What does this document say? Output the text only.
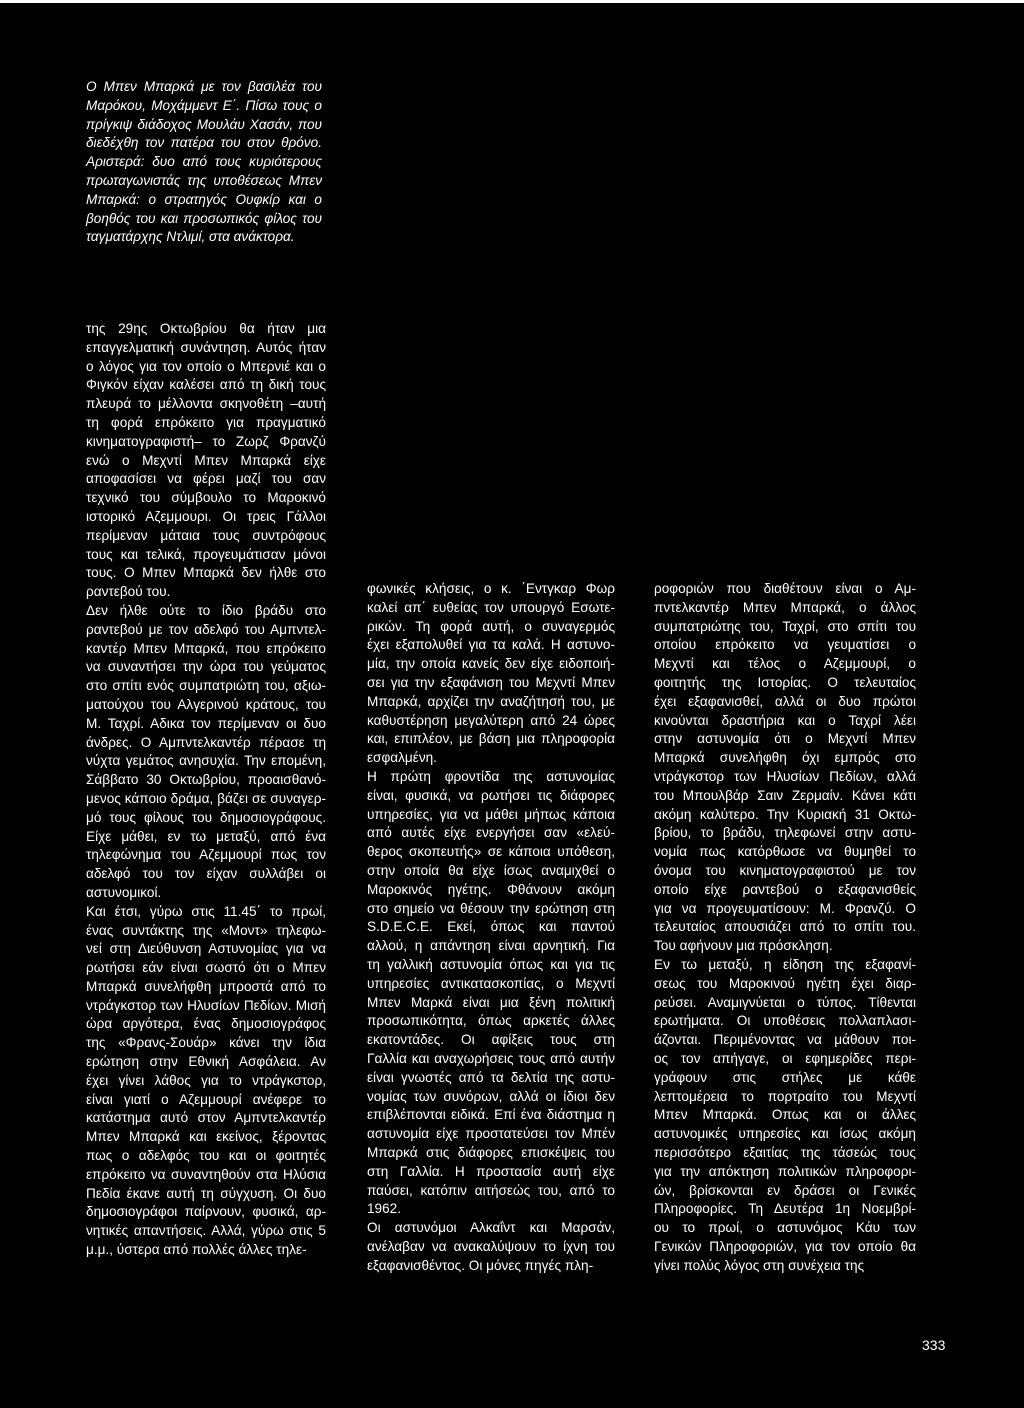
Ο Μπεν Μπαρκά με τον βασιλέα του
Μαρόκου, Μοχάμμεντ Ε΄. Πίσω τους ο
πρίγκιψ διάδοχος Μουλάυ Χασάν, που
διεδέχθη τον πατέρα του στον θρόνο.
Αριστερά: δυο από τους κυριότερους
πρωταγωνιστάς της υποθέσεως Μπεν
Μπαρκά: ο στρατηγός Ουφκίρ και ο
βοηθός του και προσωπικός φίλος του
ταγματάρχης Ντλιμί, στα ανάκτορα.
της 29ης Οκτωβρίου θα ήταν μια
επαγγελματική συνάντηση. Αυτός ήταν
ο λόγος για τον οποίο ο Μπερνιέ και ο
Φιγκόν είχαν καλέσει από τη δική τους
πλευρά το μέλλοντα σκηνοθέτη –αυτή
τη φορά επρόκειτο για πραγματικό
κινηματογραφιστή– το Ζωρζ Φρανζύ
ενώ ο Μεχντί Μπεν Μπαρκά είχε
αποφασίσει να φέρει μαζί του σαν
τεχνικό του σύμβουλο το Μαροκινό
ιστορικό Αζεμμουρι. Οι τρεις Γάλλοι
περίμεναν μάταια τους συντρόφους
τους και τελικά, προγευμάτισαν μόνοι
τους. Ο Μπεν Μπαρκά δεν ήλθε στο
ραντεβού του.
Δεν ήλθε ούτε το ίδιο βράδυ στο
ραντεβού με τον αδελφό του Αμπντελ-
καντέρ Μπεν Μπαρκά, που επρόκειτο
να συναντήσει την ώρα του γεύματος
στο σπίτι ενός συμπατριώτη του, αξιω-
ματούχου του Αλγερινού κράτους, του
Μ. Ταχρί. Αδικα τον περίμεναν οι δυο
άνδρες. Ο Αμπντελκαντέρ πέρασε τη
νύχτα γεμάτος ανησυχία. Την επομένη,
Σάββατο 30 Οκτωβρίου, προαισθανό-
μενος κάποιο δράμα, βάζει σε συναγερ-
μό τους φίλους του δημοσιογράφους.
Είχε μάθει, εν τω μεταξύ, από ένα
τηλεφώνημα του Αζεμμουρί πως τον
αδελφό του τον είχαν συλλάβει οι
αστυνομικοί.
Και έτσι, γύρω στις 11.45΄ το πρωί,
ένας συντάκτης της «Μοντ» τηλεφω-
νεί στη Διεύθυνση Αστυνομίας για να
ρωτήσει εάν είναι σωστό ότι ο Μπεν
Μπαρκά συνελήφθη μπροστά από το
ντράγκστορ των Ηλυσίων Πεδίων. Μισή
ώρα αργότερα, ένας δημοσιογράφος
της «Φρανς-Σουάρ» κάνει την ίδια
ερώτηση στην Εθνική Ασφάλεια. Αν
έχει γίνει λάθος για το ντράγκστορ,
είναι γιατί ο Αζεμμουρί ανέφερε το
κατάστημα αυτό στον Αμπντελκαντέρ
Μπεν Μπαρκά και εκείνος, ξέροντας
πως ο αδελφός του και οι φοιτητές
επρόκειτο να συναντηθούν στα Ηλύσια
Πεδία έκανε αυτή τη σύγχυση. Οι δυο
δημοσιογράφοι παίρνουν, φυσικά, αρ-
νητικές απαντήσεις. Αλλά, γύρω στις 5
μ.μ., ύστερα από πολλές άλλες τηλε-
φωνικές κλήσεις, ο κ. ΄Εντγκαρ Φωρ
καλεί απ΄ ευθείας τον υπουργό Εσωτε-
ρικών. Τη φορά αυτή, ο συναγερμός
έχει εξαπολυθεί για τα καλά. Η αστυνο-
μία, την οποία κανείς δεν είχε ειδοποιή-
σει για την εξαφάνιση του Μεχντί Μπεν
Μπαρκά, αρχίζει την αναζήτησή του, με
καθυστέρηση μεγαλύτερη από 24 ώρες
και, επιπλέον, με βάση μια πληροφορία
εσφαλμένη.
Η πρώτη φροντίδα της αστυνομίας
είναι, φυσικά, να ρωτήσει τις διάφορες
υπηρεσίες, για να μάθει μήπως κάποια
από αυτές είχε ενεργήσει σαν «ελεύ-
θερος σκοπευτής» σε κάποια υπόθεση,
στην οποία θα είχε ίσως αναμιχθεί ο
Μαροκινός ηγέτης. Φθάνουν ακόμη
στο σημείο να θέσουν την ερώτηση στη
S.D.E.C.E. Εκεί, όπως και παντού
αλλού, η απάντηση είναι αρνητική. Για
τη γαλλική αστυνομία όπως και για τις
υπηρεσίες αντικατασκοπίας, ο Μεχντί
Μπεν Μαρκά είναι μια ξένη πολιτική
προσωπικότητα, όπως αρκετές άλλες
εκατοντάδες. Οι αφίξεις τους στη
Γαλλία και αναχωρήσεις τους από αυτήν
είναι γνωστές από τα δελτία της αστυ-
νομίας των συνόρων, αλλά οι ίδιοι δεν
επιβλέπονται ειδικά. Επί ένα διάστημα η
αστυνομία είχε προστατεύσει τον Μπέν
Μπαρκά στις διάφορες επισκέψεις του
στη Γαλλία. Η προστασία αυτή είχε
παύσει, κατόπιν αιτήσεώς του, από το
1962.
Οι αστυνόμοι Αλκαΐντ και Μαρσάν,
ανέλαβαν να ανακαλύψουν το ίχνη του
εξαφανισθέντος. Οι μόνες πηγές πλη-
ροφοριών που διαθέτουν είναι ο Αμ-
πντελκαντέρ Μπεν Μπαρκά, ο άλλος
συμπατριώτης του, Ταχρί, στο σπίτι του
οποίου επρόκειτο να γευματίσει ο
Μεχντί και τέλος ο Αζεμμουρί, ο
φοιτητής της Ιστορίας. Ο τελευταίος
έχει εξαφανισθεί, αλλά οι δυο πρώτοι
κινούνται δραστήρια και ο Ταχρί λέει
στην αστυνομία ότι ο Μεχντί Μπεν
Μπαρκά συνελήφθη όχι εμπρός στο
ντράγκστορ των Ηλυσίων Πεδίων, αλλά
του Μπουλβάρ Σαιν Ζερμαίν. Κάνει κάτι
ακόμη καλύτερο. Την Κυριακή 31 Οκτω-
βρίου, το βράδυ, τηλεφωνεί στην αστυ-
νομία πως κατόρθωσε να θυμηθεί το
όνομα του κινηματογραφιστού με τον
οποίο είχε ραντεβού ο εξαφανισθείς
για να προγευματίσουν: Μ. Φρανζύ. Ο
τελευταίος απουσιάζει από το σπίτι του.
Του αφήνουν μια πρόσκληση.
Εν τω μεταξύ, η είδηση της εξαφανί-
σεως του Μαροκινού ηγέτη έχει διαρ-
ρεύσει. Αναμιγνύεται ο τύπος. Τίθενται
ερωτήματα. Οι υποθέσεις πολλαπλασι-
άζονται. Περιμένοντας να μάθουν ποι-
ος τον απήγαγε, οι εφημερίδες περι-
γράφουν στις στήλες με κάθε
λεπτομέρεια το πορτραίτο του Μεχντί
Μπεν Μπαρκά. Οπως και οι άλλες
αστυνομικές υπηρεσίες και ίσως ακόμη
περισσότερο εξαιτίας της τάσεώς τους
για την απόκτηση πολιτικών πληροφορι-
ών, βρίσκονται εν δράσει οι Γενικές
Πληροφορίες. Τη Δευτέρα 1η Νοεμβρί-
ου το πρωί, ο αστυνόμος Κάυ των
Γενικών Πληροφοριών, για τον οποίο θα
γίνει πολύς λόγος στη συνέχεια της
333
